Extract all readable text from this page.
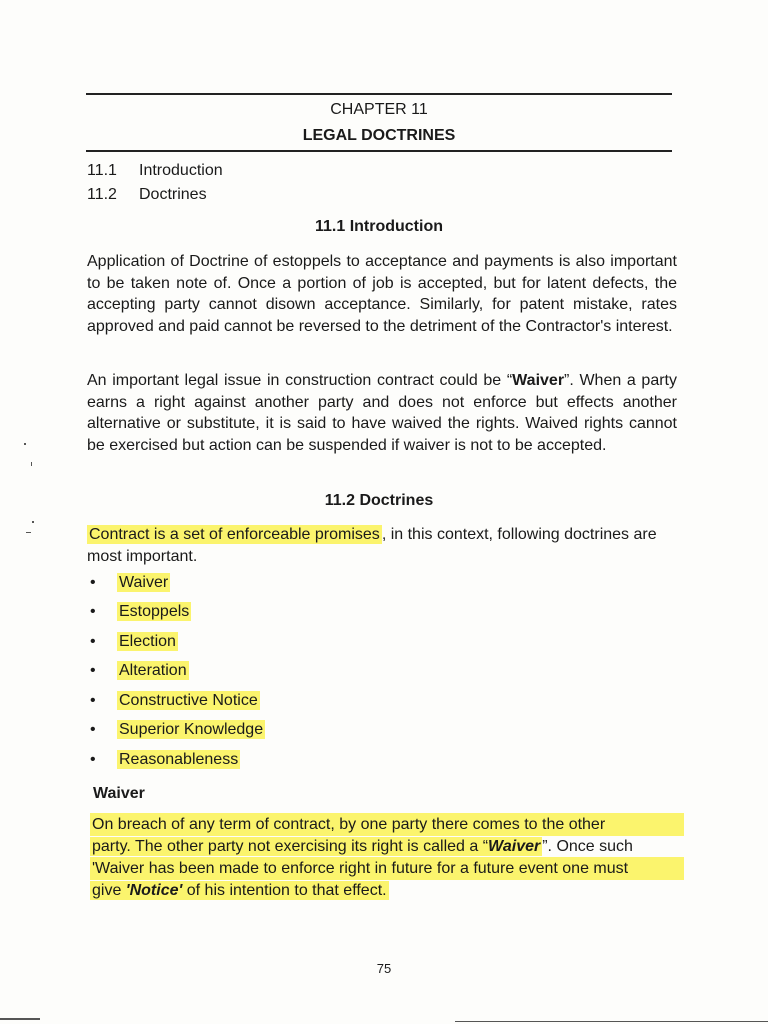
CHAPTER 11
LEGAL DOCTRINES
11.1 Introduction
11.2 Doctrines
11.1 Introduction

Application of Doctrine of estoppels to acceptance and payments is also important to be taken note of. Once a portion of job is accepted, but for latent defects, the accepting party cannot disown acceptance. Similarly, for patent mistake, rates approved and paid cannot be reversed to the detriment of the Contractor's interest.

An important legal issue in construction contract could be “Waiver”. When a party earns a right against another party and does not enforce but effects another alternative or substitute, it is said to have waived the rights. Waived rights cannot be exercised but action can be suspended if waiver is not to be accepted.

11.2 Doctrines

Contract is a set of enforceable promises , in this context, following doctrines are most important.

• Waiver
• Estoppels
• Election
• Alteration
• Constructive Notice
• Superior Knowledge
• Reasonableness
Waiver
On breach of any term of contract, by one party there comes to the other
party. The other party not exercising its right is called a “Waiver ”. Once such
'Waiver has been made to enforce right in future for a future event one must
give 'Notice' of his intention to that effect.
75
